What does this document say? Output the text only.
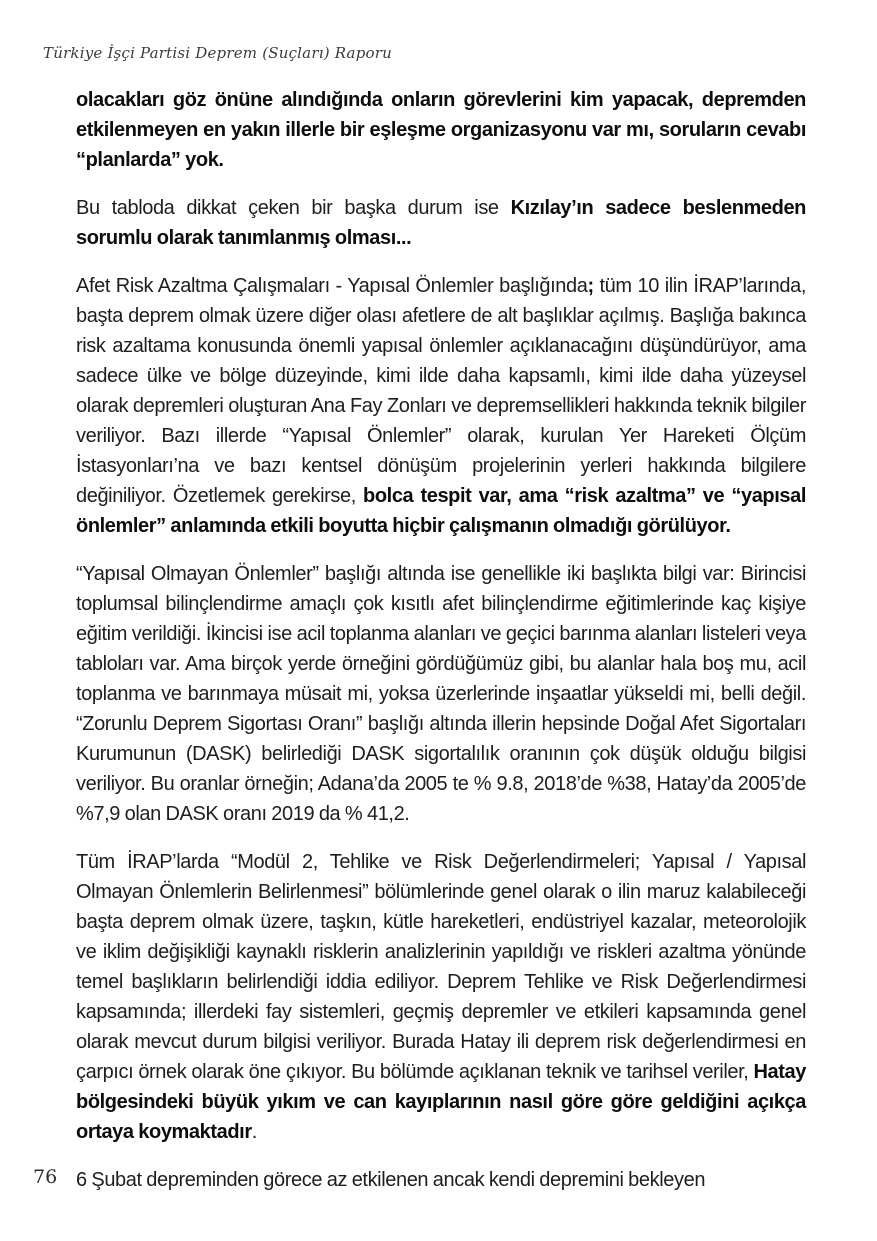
Türkiye İşçi Partisi Deprem (Suçları) Raporu

olacakları göz önüne alındığında onların görevlerini kim yapacak, depremden etkilenmeyen en yakın illerle bir eşleşme organizasyonu var mı, soruların cevabı “planlarda” yok.

Bu tabloda dikkat çeken bir başka durum ise Kızılay’ın sadece beslenmeden sorumlu olarak tanımlanmış olması...

Afet Risk Azaltma Çalışmaları - Yapısal Önlemler başlığında; tüm 10 ilin İRAP’larında, başta deprem olmak üzere diğer olası afetlere de alt başlıklar açılmış. Başlığa bakınca risk azaltama konusunda önemli yapısal önlemler açıklanacağını düşündürüyor, ama sadece ülke ve bölge düzeyinde, kimi ilde daha kapsamlı, kimi ilde daha yüzeysel olarak depremleri oluşturan Ana Fay Zonları ve depremsellikleri hakkında teknik bilgiler veriliyor. Bazı illerde “Yapısal Önlemler” olarak, kurulan Yer Hareketi Ölçüm İstasyonları’na ve bazı kentsel dönüşüm projelerinin yerleri hakkında bilgilere değiniliyor. Özetlemek gerekirse, bolca tespit var, ama “risk azaltma” ve “yapısal önlemler” anlamında etkili boyutta hiçbir çalışmanın olmadığı görülüyor.

“Yapısal Olmayan Önlemler” başlığı altında ise genellikle iki başlıkta bilgi var: Birincisi toplumsal bilinçlendirme amaçlı çok kısıtlı afet bilinçlendirme eğitimlerinde kaç kişiye eğitim verildiği. İkincisi ise acil toplanma alanları ve geçici barınma alanları listeleri veya tabloları var. Ama birçok yerde örneğini gördüğümüz gibi, bu alanlar hala boş mu, acil toplanma ve barınmaya müsait mi, yoksa üzerlerinde inşaatlar yükseldi mi, belli değil. “Zorunlu Deprem Sigortası Oranı” başlığı altında illerin hepsinde Doğal Afet Sigortaları Kurumunun (DASK) belirlediği DASK sigortalılık oranının çok düşük olduğu bilgisi veriliyor. Bu oranlar örneğin; Adana’da 2005 te % 9.8, 2018’de %38, Hatay’da 2005’de %7,9 olan DASK oranı 2019 da % 41,2.

Tüm İRAP’larda “Modül 2, Tehlike ve Risk Değerlendirmeleri; Yapısal / Yapısal Olmayan Önlemlerin Belirlenmesi” bölümlerinde genel olarak o ilin maruz kalabileceği başta deprem olmak üzere, taşkın, kütle hareketleri, endüstriyel kazalar, meteorolojik ve iklim değişikliği kaynaklı risklerin analizlerinin yapıldığı ve riskleri azaltma yönünde temel başlıkların belirlendiği iddia ediliyor. Deprem Tehlike ve Risk Değerlendirmesi kapsamında; illerdeki fay sistemleri, geçmiş depremler ve etkileri kapsamında genel olarak mevcut durum bilgisi veriliyor. Burada Hatay ili deprem risk değerlendirmesi en çarpıcı örnek olarak öne çıkıyor. Bu bölümde açıklanan teknik ve tarihsel veriler, Hatay bölgesindeki büyük yıkım ve can kayıplarının nasıl göre göre geldiğini açıkça ortaya koymaktadır.

6 Şubat depreminden görece az etkilenen ancak kendi depremini bekleyen

76
